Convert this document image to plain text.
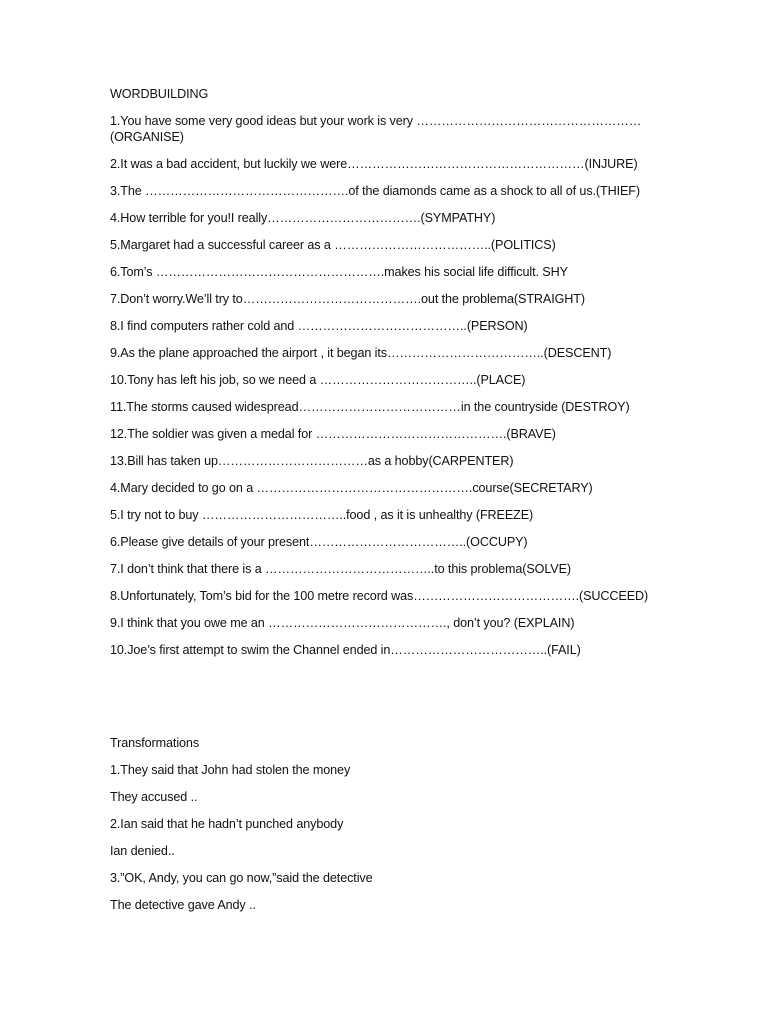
WORDBUILDING
1.You have some very good ideas but your work is very ………………………………………………
(ORGANISE)
2.It was a bad accident, but luckily we were…………………………………………………(INJURE)
3.The ………………………………………….of the diamonds came as a shock to all of us.(THIEF)
4.How terrible for you!I really……………………………….(SYMPATHY)
5.Margaret had a successful career as a ………………………………..(POLITICS)
6.Tom’s ……………………………………………….makes his social life difficult. SHY
7.Don’t worry.We’ll try to…………………………………….out the problema(STRAIGHT)
8.I find computers rather cold and …………………………………..(PERSON)
9.As the plane approached the airport , it began its………………………………..(DESCENT)
10.Tony has left his job, so we need a ………………………………..(PLACE)
11.The storms caused widespread…………………………………in the countryside (DESTROY)
12.The soldier was given a medal for ……………………………………….(BRAVE)
13.Bill has taken up………………………………as a hobby(CARPENTER)
4.Mary decided to go on a …………………………………………….course(SECRETARY)
5.I try not to buy ……………………………..food , as it is unhealthy (FREEZE)
6.Please give details of your present………………………………..(OCCUPY)
7.I don’t think that there is a …………………………………..to this problema(SOLVE)
8.Unfortunately, Tom’s bid for the 100 metre record was………………………………….(SUCCEED)
9.I think that you owe me an ……………………………………., don’t you? (EXPLAIN)
10.Joe’s first attempt to swim the Channel ended in………………………………..(FAIL)
Transformations
1.They said that John had stolen the money
They accused ..
2.Ian said that he hadn’t punched anybody
Ian denied..
3.”OK, Andy, you can go now,”said the detective
The detective gave Andy ..
